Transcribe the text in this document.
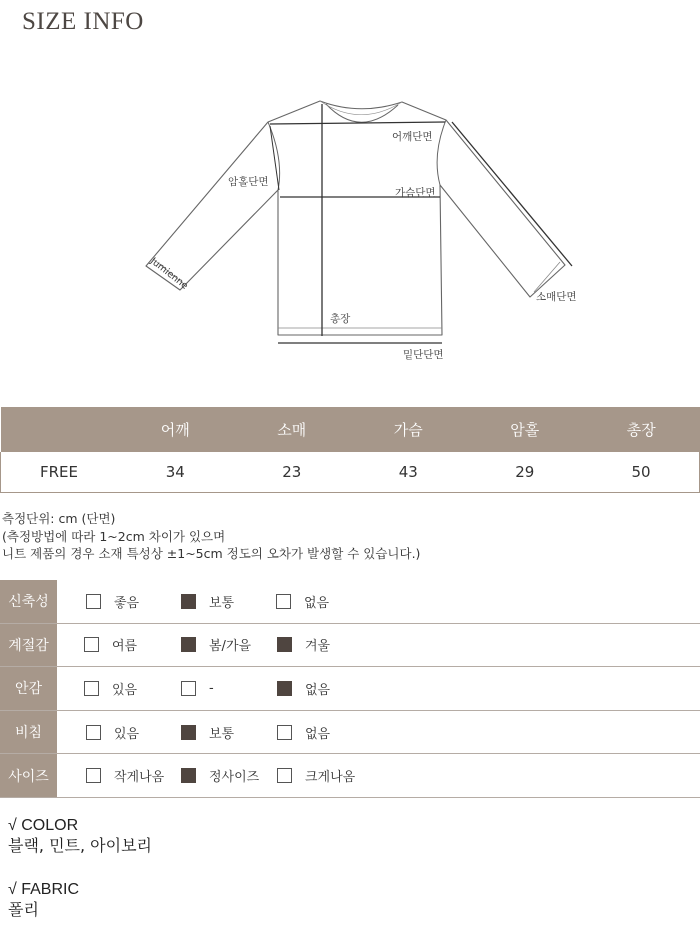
SIZE INFO
어깨단면
암홀단면
가슴단면
소매단면
총장
밑단단면
Jumienne
	어깨	소매	가슴	암홀	총장
FREE	34	23	43	29	50
측정단위: cm (단면)
(측정방법에 따라 1~2cm 차이가 있으며
니트 제품의 경우 소재 특성상 ±1~5cm 정도의 오차가 발생할 수 있습니다.)
신축성	좋음	보통	없음
계절감	여름	봄/가을	겨울
안감	있음	-	없음
비침	있음	보통	없음
사이즈	작게나옴	정사이즈	크게나옴
√ COLOR
블랙, 민트, 아이보리
√ FABRIC
폴리
